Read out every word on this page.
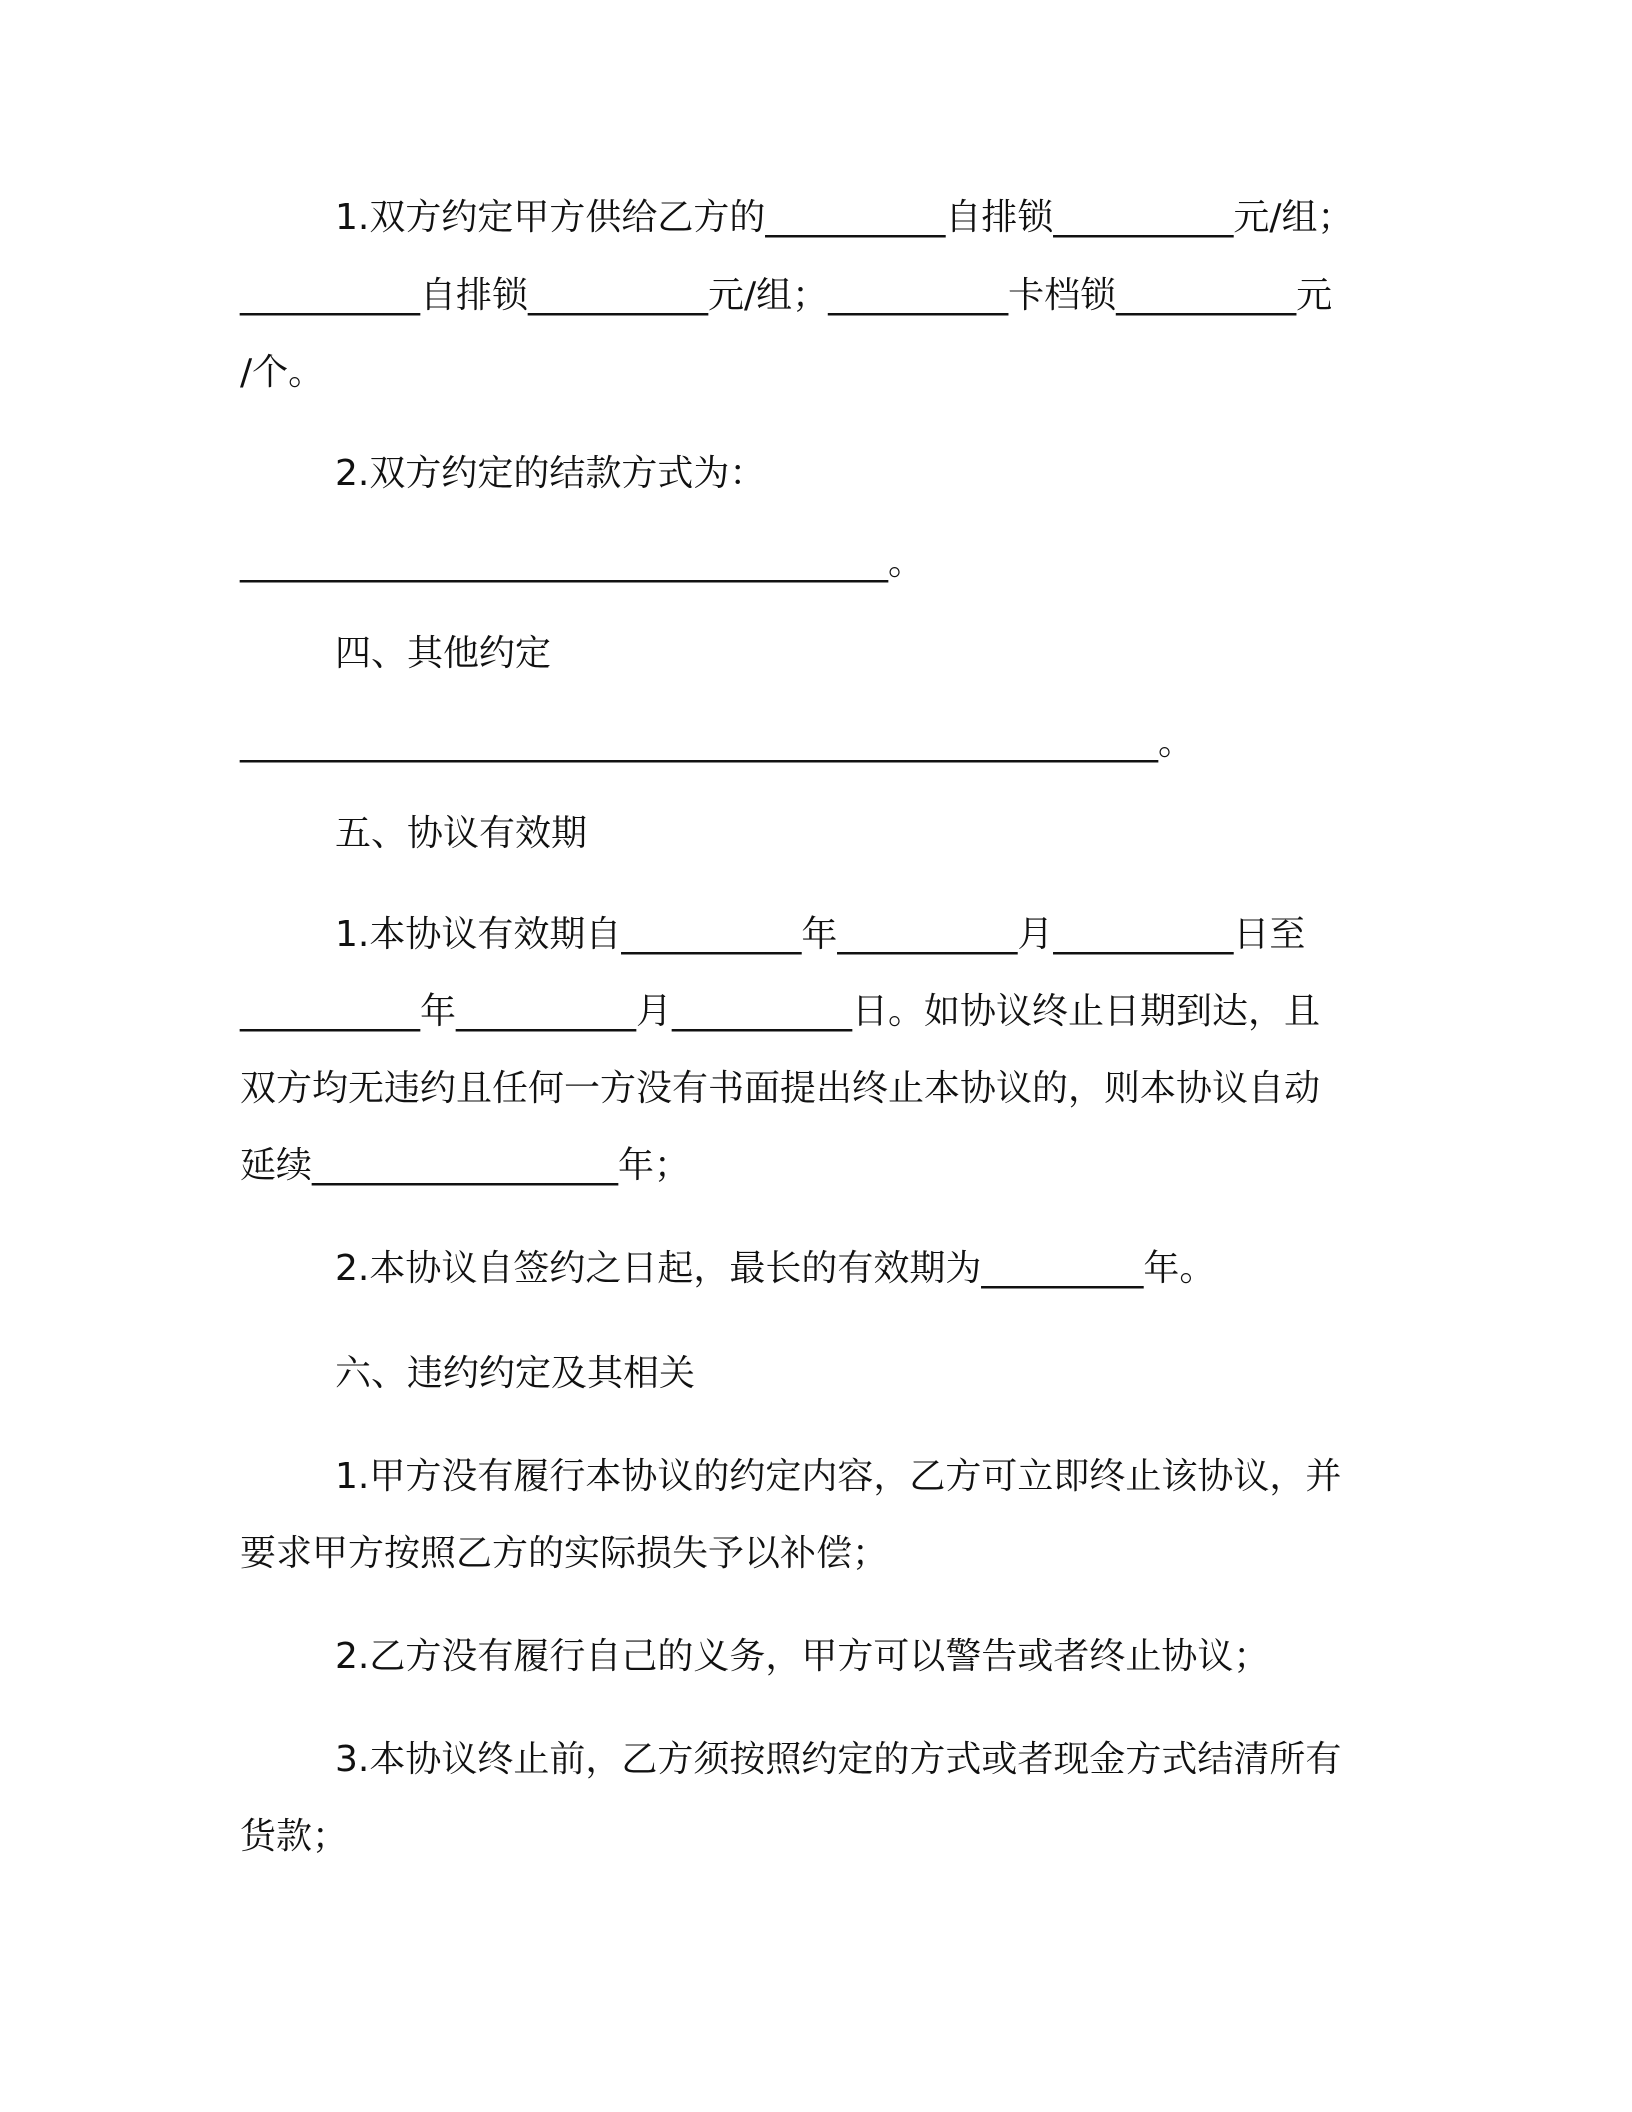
1.双方约定甲方供给乙方的__________自排锁__________元/组；
__________自排锁__________元/组；__________卡档锁__________元
/个。
2.双方约定的结款方式为：
____________________________________。
四、其他约定
___________________________________________________。
五、协议有效期
1.本协议有效期自__________年__________月__________日至
__________年__________月__________日。如协议终止日期到达，且
双方均无违约且任何一方没有书面提出终止本协议的，则本协议自动
延续_________________年；
2.本协议自签约之日起，最长的有效期为_________年。
六、违约约定及其相关
1.甲方没有履行本协议的约定内容，乙方可立即终止该协议，并
要求甲方按照乙方的实际损失予以补偿；
2.乙方没有履行自己的义务，甲方可以警告或者终止协议；
3.本协议终止前，乙方须按照约定的方式或者现金方式结清所有
货款；
